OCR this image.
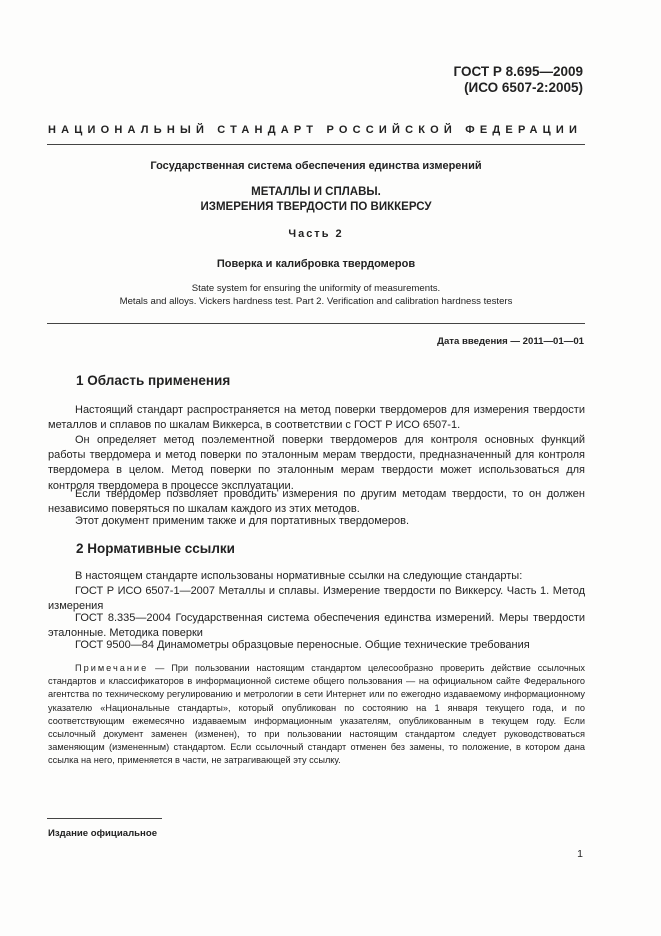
ГОСТ Р 8.695—2009
(ИСО 6507-2:2005)
НАЦИОНАЛЬНЫЙ СТАНДАРТ РОССИЙСКОЙ ФЕДЕРАЦИИ
Государственная система обеспечения единства измерений
МЕТАЛЛЫ И СПЛАВЫ.
ИЗМЕРЕНИЯ ТВЕРДОСТИ ПО ВИККЕРСУ
Часть 2
Поверка и калибровка твердомеров
State system for ensuring the uniformity of measurements.
Metals and alloys. Vickers hardness test. Part 2. Verification and calibration hardness testers
Дата введения — 2011—01—01
1 Область применения
Настоящий стандарт распространяется на метод поверки твердомеров для измерения твердости металлов и сплавов по шкалам Виккерса, в соответствии с ГОСТ Р ИСО 6507-1.
Он определяет метод поэлементной поверки твердомеров для контроля основных функций работы твердомера и метод поверки по эталонным мерам твердости, предназначенный для контроля твердомера в целом. Метод поверки по эталонным мерам твердости может использоваться для контроля твердомера в процессе эксплуатации.
Если твердомер позволяет проводить измерения по другим методам твердости, то он должен независимо поверяться по шкалам каждого из этих методов.
Этот документ применим также и для портативных твердомеров.
2 Нормативные ссылки
В настоящем стандарте использованы нормативные ссылки на следующие стандарты:
ГОСТ Р ИСО 6507-1—2007 Металлы и сплавы. Измерение твердости по Виккерсу. Часть 1. Метод измерения
ГОСТ 8.335—2004 Государственная система обеспечения единства измерений. Меры твердости эталонные. Методика поверки
ГОСТ 9500—84 Динамометры образцовые переносные. Общие технические требования
Примечание — При пользовании настоящим стандартом целесообразно проверить действие ссылочных стандартов и классификаторов в информационной системе общего пользования — на официальном сайте Федерального агентства по техническому регулированию и метрологии в сети Интернет или по ежегодно издаваемому информационному указателю «Национальные стандарты», который опубликован по состоянию на 1 января текущего года, и по соответствующим ежемесячно издаваемым информационным указателям, опубликованным в текущем году. Если ссылочный документ заменен (изменен), то при пользовании настоящим стандартом следует руководствоваться заменяющим (измененным) стандартом. Если ссылочный стандарт отменен без замены, то положение, в котором дана ссылка на него, применяется в части, не затрагивающей эту ссылку.
Издание официальное
1
